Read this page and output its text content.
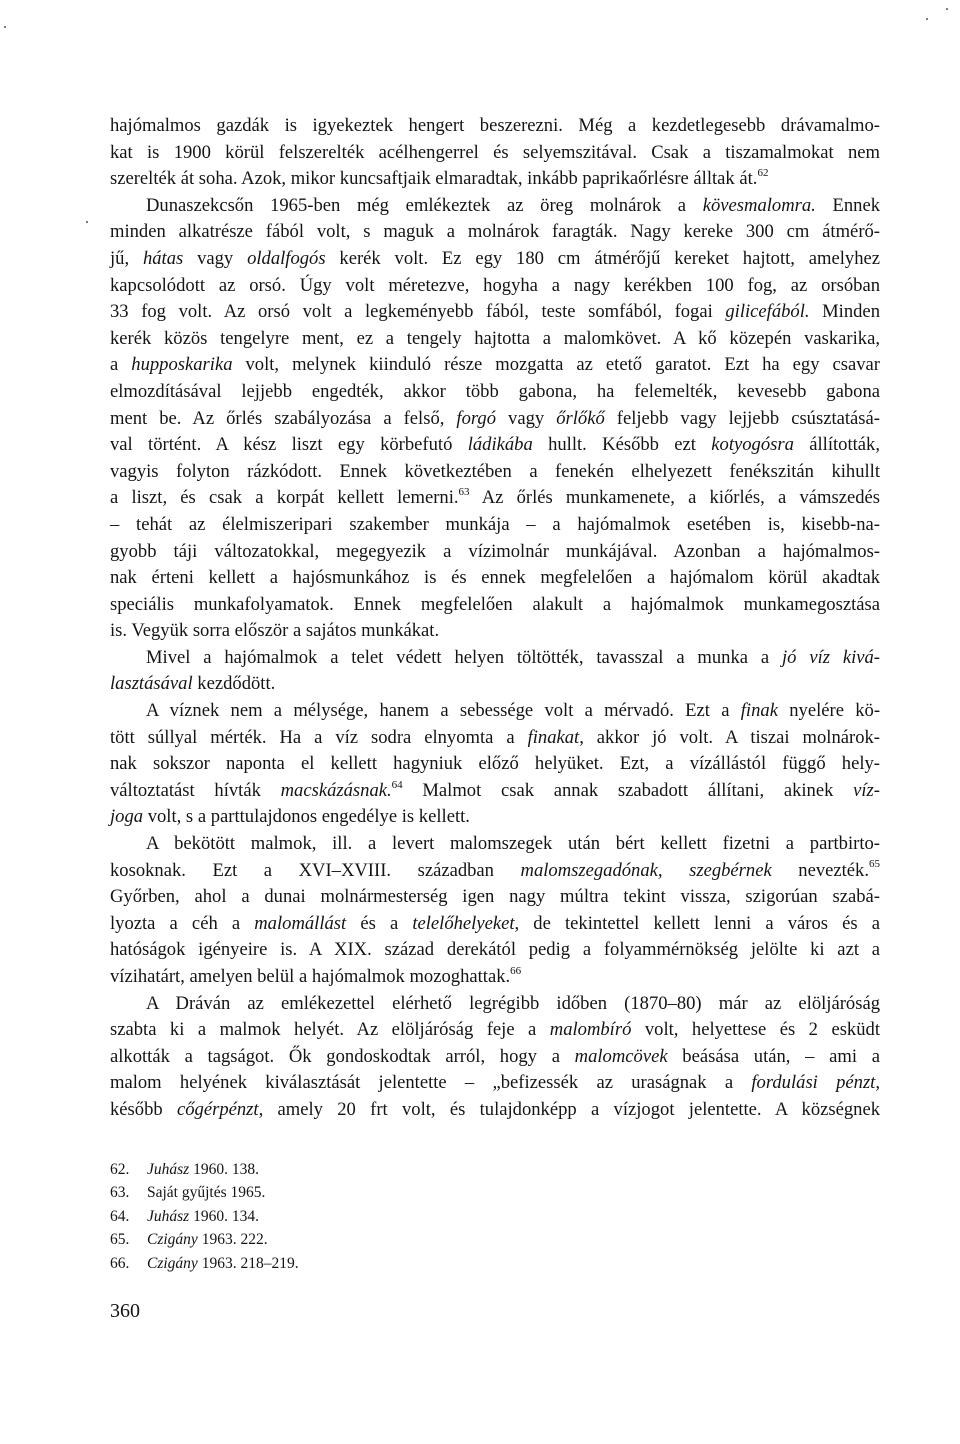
hajómalmos gazdák is igyekeztek hengert beszerezni. Még a kezdetlegesebb drávamalmo-
kat is 1900 körül felszerelték acélhengerrel és selyemszitával. Csak a tiszamalmokat nem
szerelték át soha. Azok, mikor kuncsaftjaik elmaradtak, inkább paprikaőrlésre álltak át.$^{62}$
Dunaszekcsőn 1965-ben még emlékeztek az öreg molnárok a kövesmalomra. Ennek
minden alkatrésze fából volt, s maguk a molnárok faragták. Nagy kereke 300 cm átmérő-
jű, hátas vagy oldalfogós kerék volt. Ez egy 180 cm átmérőjű kereket hajtott, amelyhez
kapcsolódott az orsó. Úgy volt méretezve, hogyha a nagy kerékben 100 fog, az orsóban
33 fog volt. Az orsó volt a legkeményebb fából, teste somfából, fogai gilicefából. Minden
kerék közös tengelyre ment, ez a tengely hajtotta a malomkövet. A kő közepén vaskarika,
a hupposkarika volt, melynek kiinduló része mozgatta az etető garatot. Ezt ha egy csavar
elmozdításával lejjebb engedték, akkor több gabona, ha felemelték, kevesebb gabona
ment be. Az őrlés szabályozása a felső, forgó vagy őrlőkő feljebb vagy lejjebb csúsztatásá-
val történt. A kész liszt egy körbefutó ládikába hullt. Később ezt kotyogósra állították,
vagyis folyton rázkódott. Ennek következtében a fenekén elhelyezett fenékszitán kihullt
a liszt, és csak a korpát kellett lemerni.$^{63}$ Az őrlés munkamenete, a kiőrlés, a vámszedés
– tehát az élelmiszeripari szakember munkája – a hajómalmok esetében is, kisebb-na-
gyobb táji változatokkal, megegyezik a vízimolnár munkájával. Azonban a hajómalmos-
nak érteni kellett a hajósmunkához is és ennek megfelelően a hajómalom körül akadtak
speciális munkafolyamatok. Ennek megfelelően alakult a hajómalmok munkamegosztása
is. Vegyük sorra először a sajátos munkákat.
Mivel a hajómalmok a telet védett helyen töltötték, tavasszal a munka a jó víz kivá-
lasztásával kezdődött.
A víznek nem a mélysége, hanem a sebessége volt a mérvadó. Ezt a finak nyelére kö-
tött súllyal mérték. Ha a víz sodra elnyomta a finakat, akkor jó volt. A tiszai molnárok-
nak sokszor naponta el kellett hagyniuk előző helyüket. Ezt, a vízállástól függő hely-
változtatást hívták macskázásnak.$^{64}$ Malmot csak annak szabadott állítani, akinek víz-
joga volt, s a parttulajdonos engedélye is kellett.
A bekötött malmok, ill. a levert malomszegek után bért kellett fizetni a partbirto-
kosoknak. Ezt a XVI–XVIII. században malomszegadónak, szegbérnek nevezték.$^{65}$
Győrben, ahol a dunai molnármesterség igen nagy múltra tekint vissza, szigorúan szabá-
lyozta a céh a malomállást és a telelőhelyeket, de tekintettel kellett lenni a város és a
hatóságok igényeire is. A XIX. század derekától pedig a folyammérnökség jelölte ki azt a
vízihatárt, amelyen belül a hajómalmok mozoghattak.$^{66}$
A Dráván az emlékezettel elérhető legrégibb időben (1870–80) már az elöljáróság
szabta ki a malmok helyét. Az elöljáróság feje a malombíró volt, helyettese és 2 esküdt
alkották a tagságot. Ők gondoskodtak arról, hogy a malomcövek beásása után, – ami a
malom helyének kiválasztását jelentette – „befizessék az uraságnak a fordulási pénzt,
később cőgérpénzt, amely 20 frt volt, és tulajdonképp a vízjogot jelentette. A községnek
62. Juhász 1960. 138.
63. Saját gyűjtés 1965.
64. Juhász 1960. 134.
65. Czigány 1963. 222.
66. Czigány 1963. 218–219.
360
